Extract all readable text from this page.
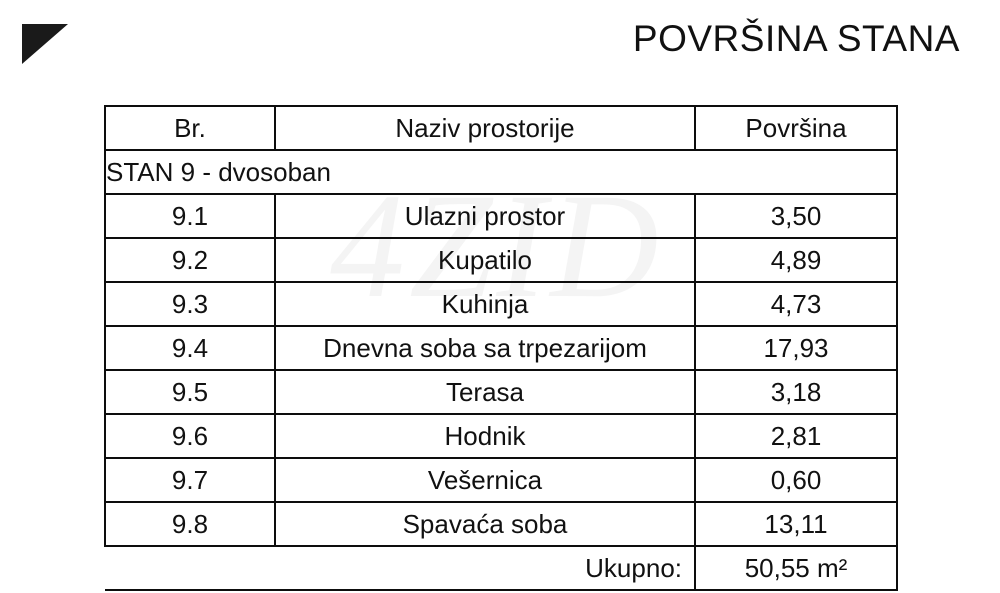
POVRŠINA STANA
Br.	Naziv prostorije	Površina
STAN 9 - dvosoban		
9.1	Ulazni prostor	3,50
9.2	Kupatilo	4,89
9.3	Kuhinja	4,73
9.4	Dnevna soba sa trpezarijom	17,93
9.5	Terasa	3,18
9.6	Hodnik	2,81
9.7	Vešernica	0,60
9.8	Spavaća soba	13,11
Ukupno:		50,55 m²
